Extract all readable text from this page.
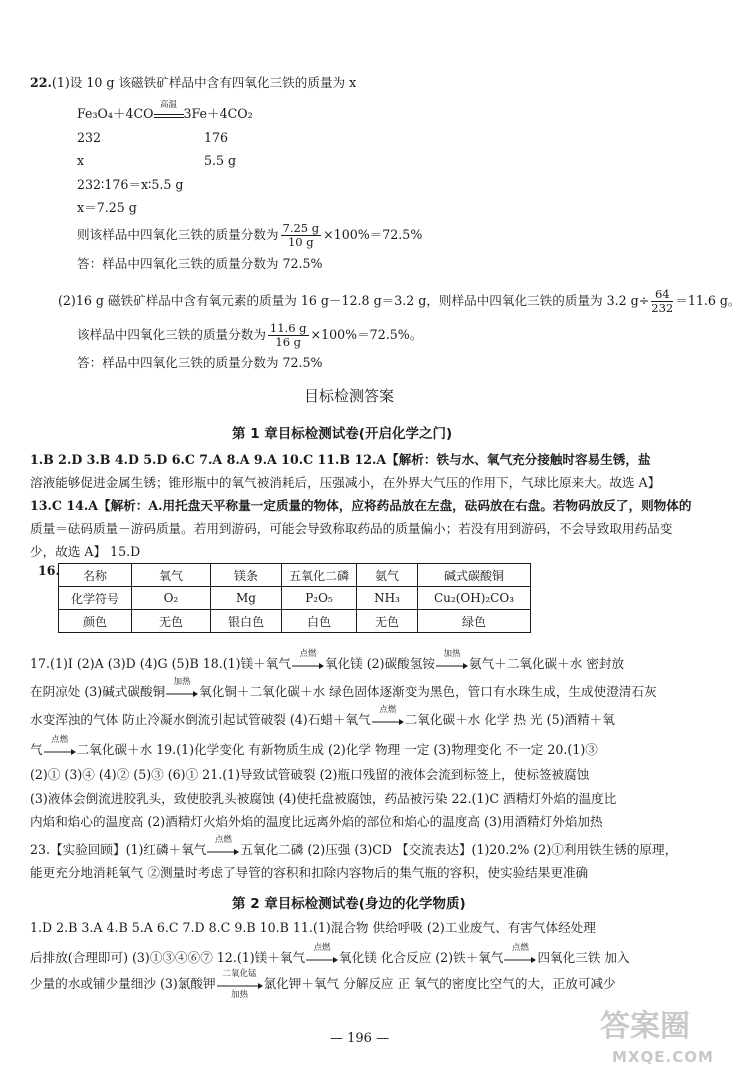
22.(1)设 10 g 该磁铁矿样品中含有四氧化三铁的质量为 x
Fe₃O₄＋4CO
高温
3Fe＋4CO₂
232	176
x	5.5 g
232∶176＝x∶5.5 g
x＝7.25 g
则该样品中四氧化三铁的质量分数为 $\frac{7.25 g}{10 g} \times 100\%=72.5\%$
答：样品中四氧化三铁的质量分数为 72.5%
(2)16 g 磁铁矿样品中含有氧元素的质量为 16 g－12.8 g＝3.2 g，则样品中四氧化三铁的质量为 3.2 $g\div \frac{64}{232} =11.6$ g。
该样品中四氧化三铁的质量分数为 $\frac{11.6 g}{16 g} \times 100\%=72.5\%$。
答：样品中四氧化三铁的质量分数为 72.5%
目标检测答案
第 1 章目标检测试卷(开启化学之门)
1.B 2.D 3.B 4.D 5.D 6.C 7.A 8.A 9.A 10.C 11.B 12.A【解析：铁与水、氧气充分接触时容易生锈，盐
溶液能够促进金属生锈；锥形瓶中的氧气被消耗后，压强减小，在外界大气压的作用下，气球比原来大。故选 A】
13.C 14.A【解析：A.用托盘天平称量一定质量的物体，应将药品放在左盘，砝码放在右盘。若物码放反了，则物体的
质量＝砝码质量－游码质量。若用到游码，可能会导致称取药品的质量偏小；若没有用到游码，不会导致取用药品变
少，故选 A】 15.D
16. 名称	氧气	镁条	五氧化二磷	氨气	碱式碳酸铜
化学符号	O₂	Mg	P₂O₅	NH₃	Cu₂(OH)₂CO₃
颜色	无色	银白色	白色	无色	绿色
17.(1)I (2)A (3)D (4)G (5)B 18.(1)镁＋氧气
点燃
氧化镁 (2)碳酸氢铵
加热
氨气＋二氧化碳＋水 密封放
在阴凉处 (3)碱式碳酸铜
加热
氧化铜＋二氧化碳＋水 绿色固体逐渐变为黑色，管口有水珠生成，生成使澄清石灰
水变浑浊的气体 防止冷凝水倒流引起试管破裂 (4)石蜡＋氧气
点燃
二氧化碳＋水 化学 热 光 (5)酒精＋氧
气
点燃
二氧化碳＋水 19.(1)化学变化 有新物质生成 (2)化学 物理 一定 (3)物理变化 不一定 20.(1)③
(2)① (3)④ (4)② (5)③ (6)① 21.(1)导致试管破裂 (2)瓶口残留的液体会流到标签上，使标签被腐蚀
(3)液体会倒流进胶乳头，致使胶乳头被腐蚀 (4)使托盘被腐蚀，药品被污染 22.(1)C 酒精灯外焰的温度比
内焰和焰心的温度高 (2)酒精灯火焰外焰的温度比远离外焰的部位和焰心的温度高 (3)用酒精灯外焰加热
23.【实验回顾】(1)红磷＋氧气
点燃
五氧化二磷 (2)压强 (3)CD 【交流表达】(1)20.2% (2)①利用铁生锈的原理，
能更充分地消耗氧气 ②测量时考虑了导管的容积和扣除内容物后的集气瓶的容积，使实验结果更准确
第 2 章目标检测试卷(身边的化学物质)
1.D 2.B 3.A 4.B 5.A 6.C 7.D 8.C 9.B 10.B 11.(1)混合物 供给呼吸 (2)工业废气、有害气体经处理
后排放(合理即可) (3)①③④⑥⑦ 12.(1)镁＋氧气
点燃
氧化镁 化合反应 (2)铁＋氧气
点燃
四氧化三铁 加入
少量的水或铺少量细沙 (3)氯酸钾
二氧化锰
加热
氯化钾＋氧气 分解反应 正 氧气的密度比空气的大，正放可减少
— 196 —	答案圈
MXQE.COM
